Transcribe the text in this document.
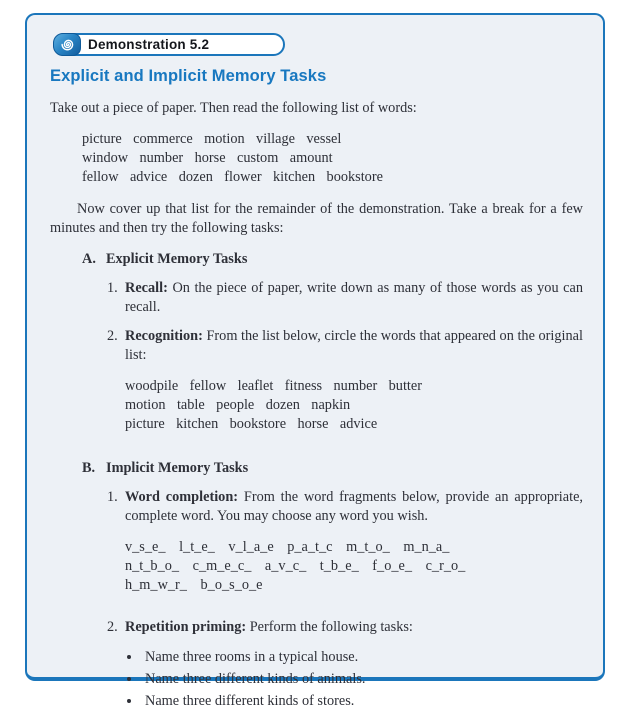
Demonstration 5.2
Explicit and Implicit Memory Tasks

Take out a piece of paper. Then read the following list of words:

picture commerce motion village vessel
window number horse custom amount
fellow advice dozen flower kitchen bookstore

Now cover up that list for the remainder of the demonstration. Take a break for a few minutes and then try the following tasks:

A. Explicit Memory Tasks
1. Recall: On the piece of paper, write down as many of those words as you can recall.
2. Recognition: From the list below, circle the words that appeared on the original list:
woodpile fellow leaflet fitness number butter
motion table people dozen napkin
picture kitchen bookstore horse advice
B. Implicit Memory Tasks
1. Word completion: From the word fragments below, provide an appropriate, complete word. You may choose any word you wish.
v_s_e_ l_t_e_ v_l_a_e p_a_t_c m_t_o_ m_n_a_
n_t_b_o_ c_m_e_c_ a_v_c_ t_b_e_ f_o_e_ c_r_o_
h_m_w_r_ b_o_s_o_e
2. Repetition priming: Perform the following tasks:
• Name three rooms in a typical house.
• Name three different kinds of animals.
• Name three different kinds of stores.
